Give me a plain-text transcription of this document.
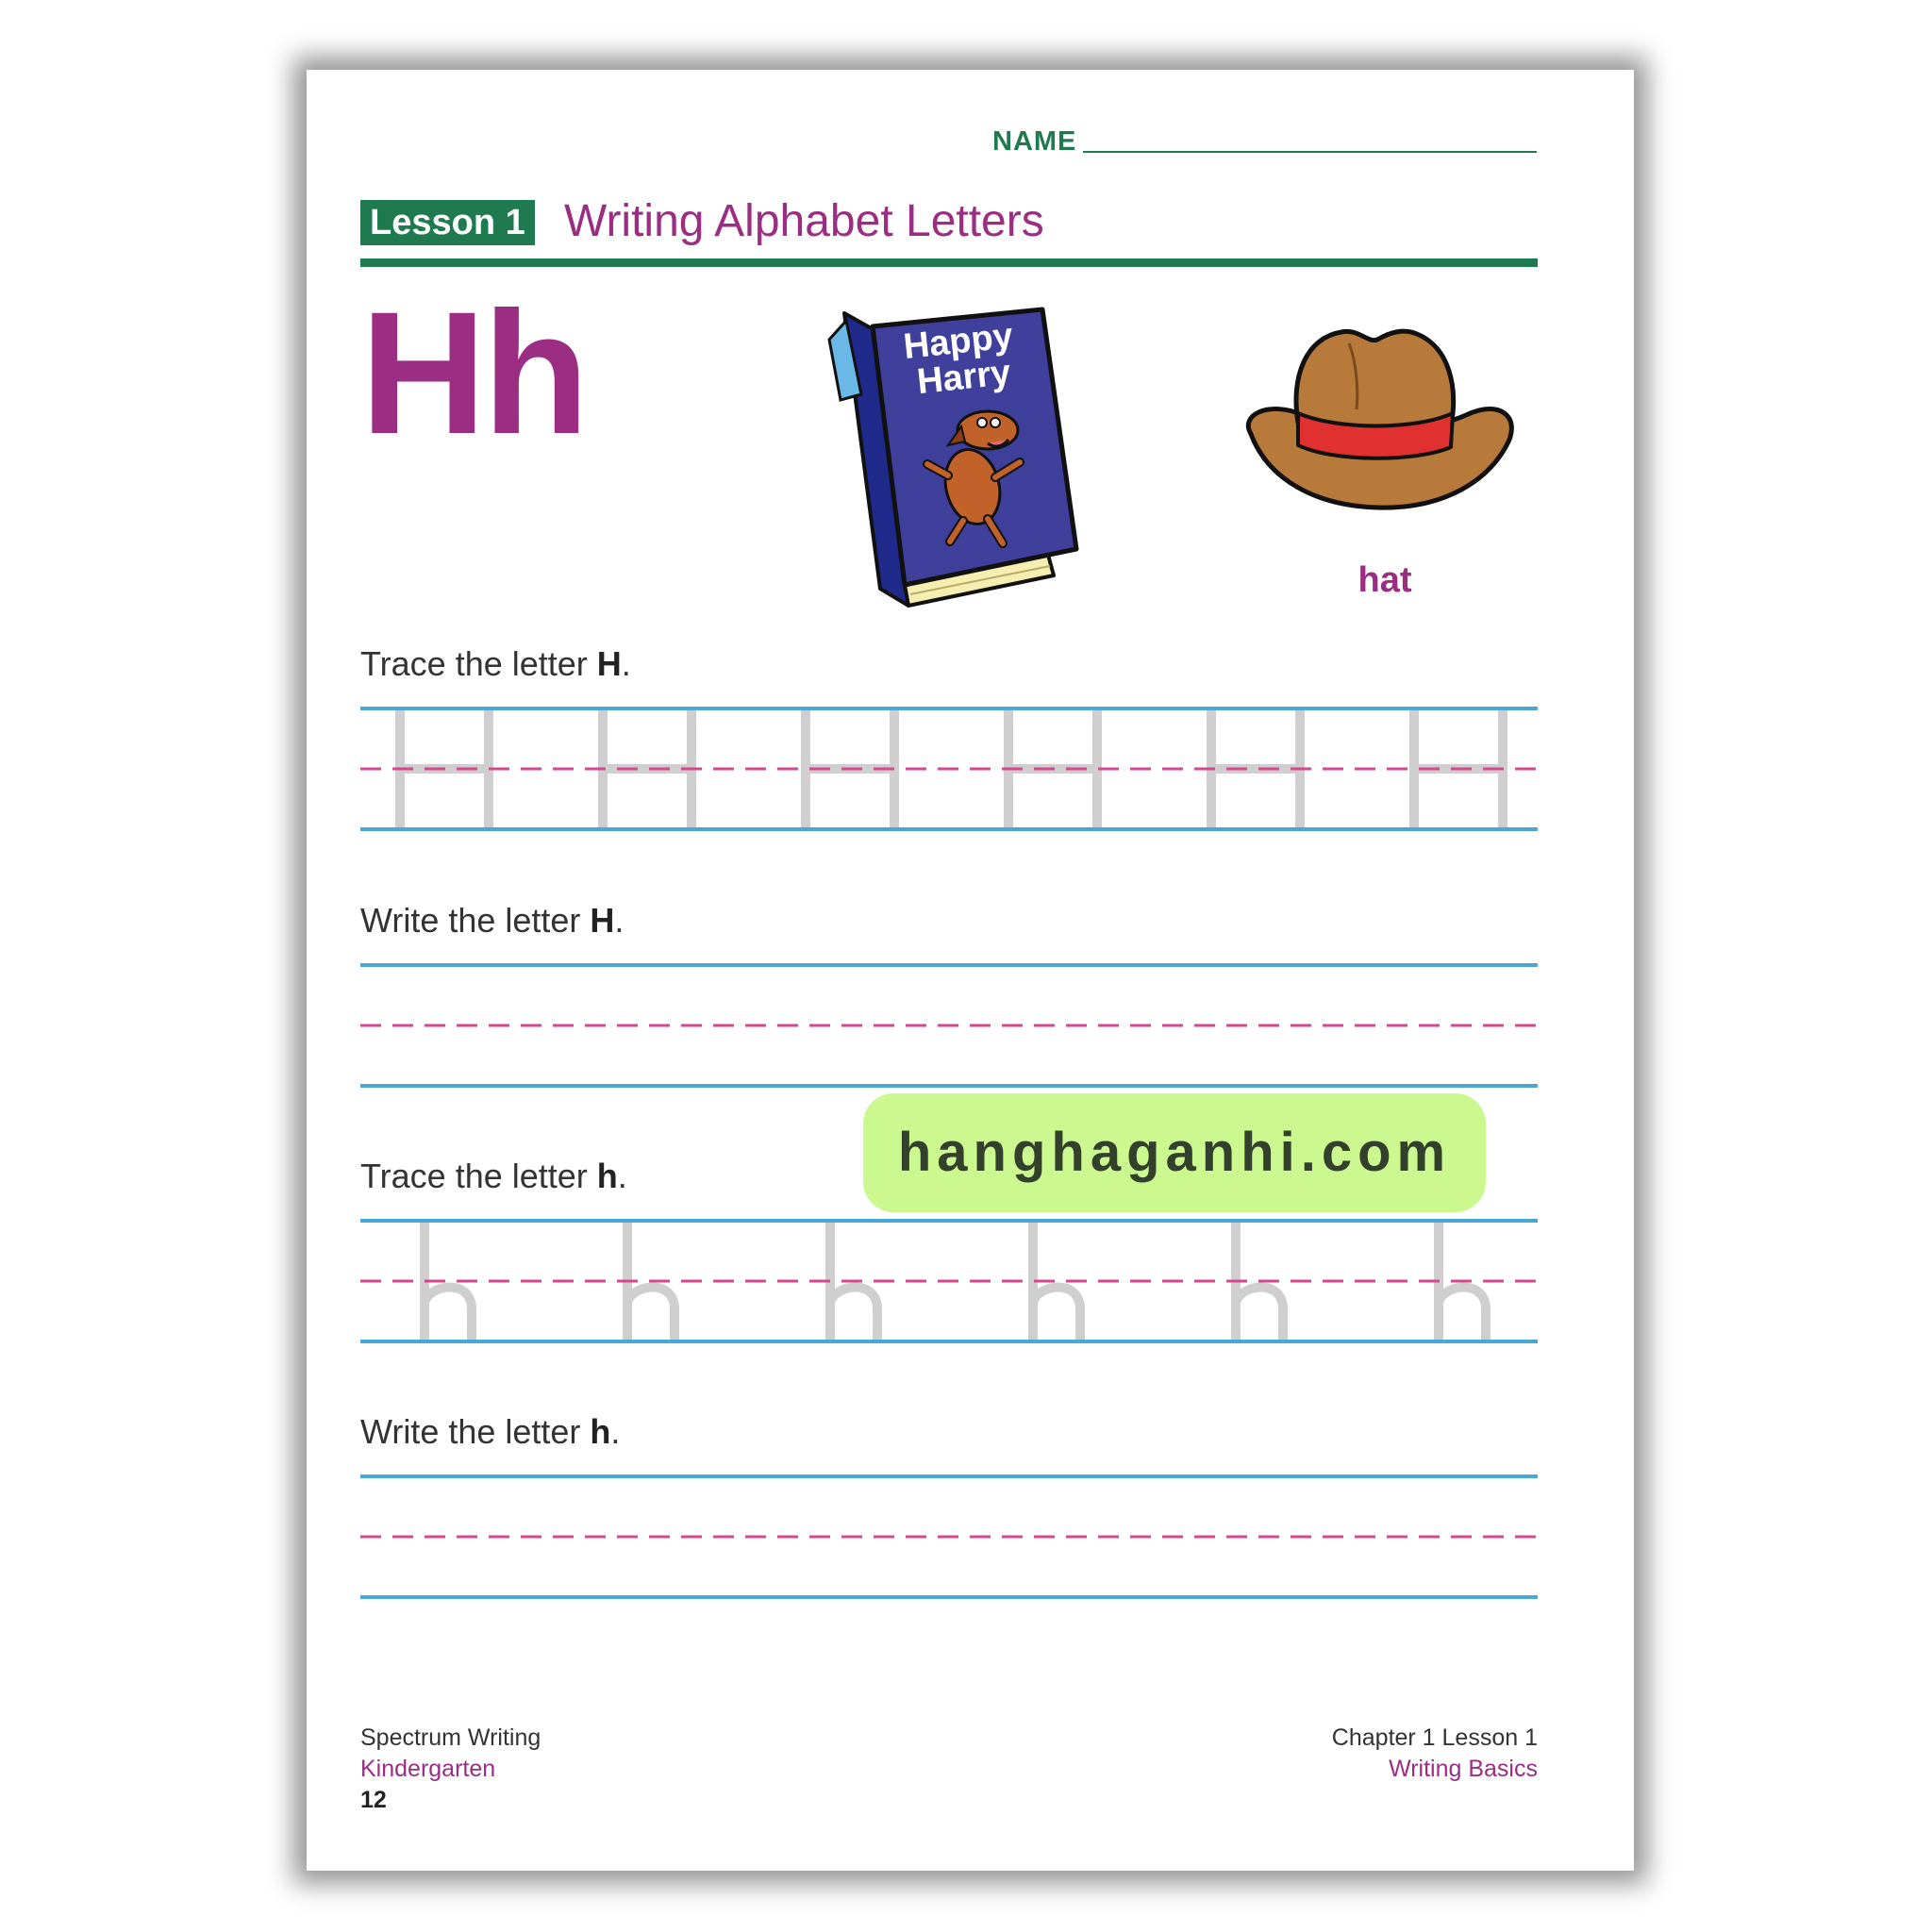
NAME
Lesson 1 Writing Alphabet Letters
Hh	Happy
Harry
hat
Trace the letter H.
Write the letter H.
Trace the letter h.
Write the letter h.
hanghaganhi.com
Spectrum Writing
Kindergarten
12
Chapter 1 Lesson 1
Writing Basics
